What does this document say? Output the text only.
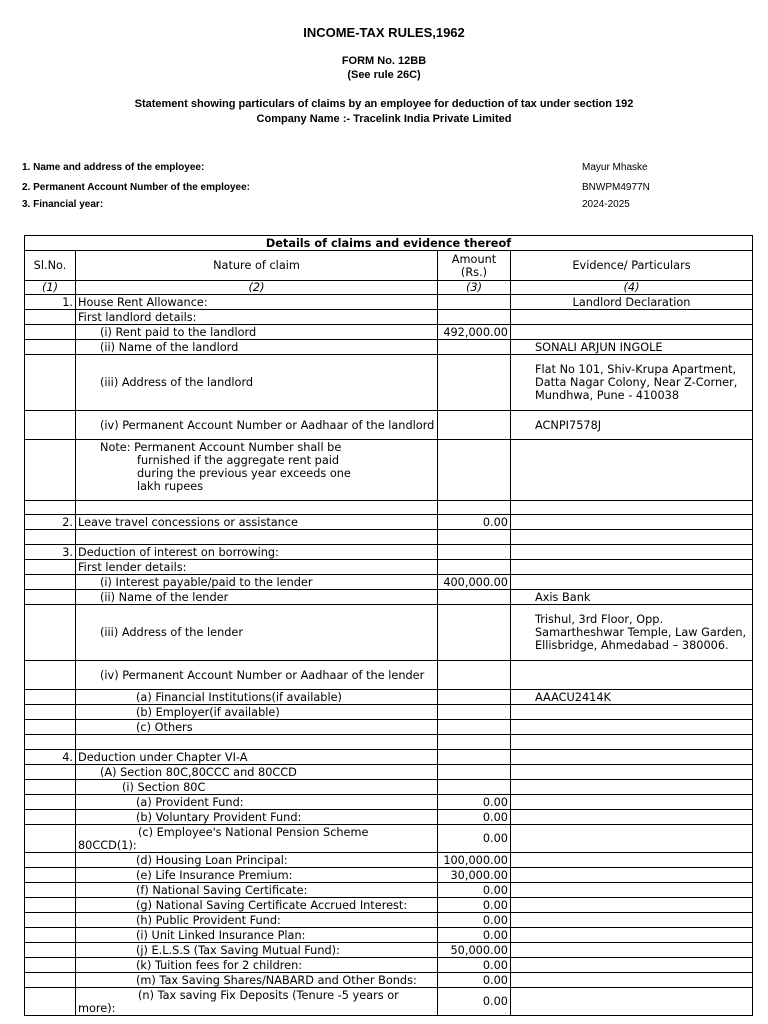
INCOME-TAX RULES,1962
FORM No. 12BB
(See rule 26C)
Statement showing particulars of claims by an employee for deduction of tax under section 192
Company Name :- Tracelink India Private Limited
1. Name and address of the employee:	Mayur Mhaske
2. Permanent Account Number of the employee:	BNWPM4977N
3. Financial year:	2024-2025
Details of claims and evidence thereof			
Sl.No.	Nature of claim	Amount (Rs.)	Evidence/ Particulars
(1)	(2)	(3)	(4)
1.	House Rent Allowance:		Landlord Declaration
	First landlord details:		
	(i) Rent paid to the landlord	492,000.00	
	(ii) Name of the landlord		SONALI ARJUN INGOLE
	(iii) Address of the landlord		Flat No 101, Shiv-Krupa Apartment, Datta Nagar Colony, Near Z-Corner, Mundhwa, Pune - 410038
	(iv) Permanent Account Number or Aadhaar of the landlord		ACNPI7578J

	Note: Permanent Account Number shall be
furnished if the aggregate rent paid during the previous year exceeds one lakh rupees		

2.	Leave travel concessions or assistance	0.00	

3.	Deduction of interest on borrowing:		
	First lender details:		
	(i) Interest payable/paid to the lender	400,000.00	
	(ii) Name of the lender		Axis Bank
	(iii) Address of the lender		Trishul, 3rd Floor, Opp. Samartheshwar Temple, Law Garden, Ellisbridge, Ahmedabad – 380006.
	(iv) Permanent Account Number or Aadhaar of the lender		
	(a) Financial Institutions(if available)		AAACU2414K
	(b) Employer(if available)		
	(c) Others		

4.	Deduction under Chapter VI-A		
	(A) Section 80C,80CCC and 80CCD		
	(i) Section 80C		
	(a) Provident Fund:	0.00	
	(b) Voluntary Provident Fund:	0.00	

	(c) Employee's National Pension Scheme
80CCD(1):	0.00	
	(d) Housing Loan Principal:	100,000.00	
	(e) Life Insurance Premium:	30,000.00	
	(f) National Saving Certificate:	0.00	
	(g) National Saving Certificate Accrued Interest:	0.00	
	(h) Public Provident Fund:	0.00	
	(i) Unit Linked Insurance Plan:	0.00	
	(j) E.L.S.S (Tax Saving Mutual Fund):	50,000.00	
	(k) Tuition fees for 2 children:	0.00	
	(m) Tax Saving Shares/NABARD and Other Bonds:	0.00	

	(n) Tax saving Fix Deposits (Tenure -5 years or
more):	0.00	
